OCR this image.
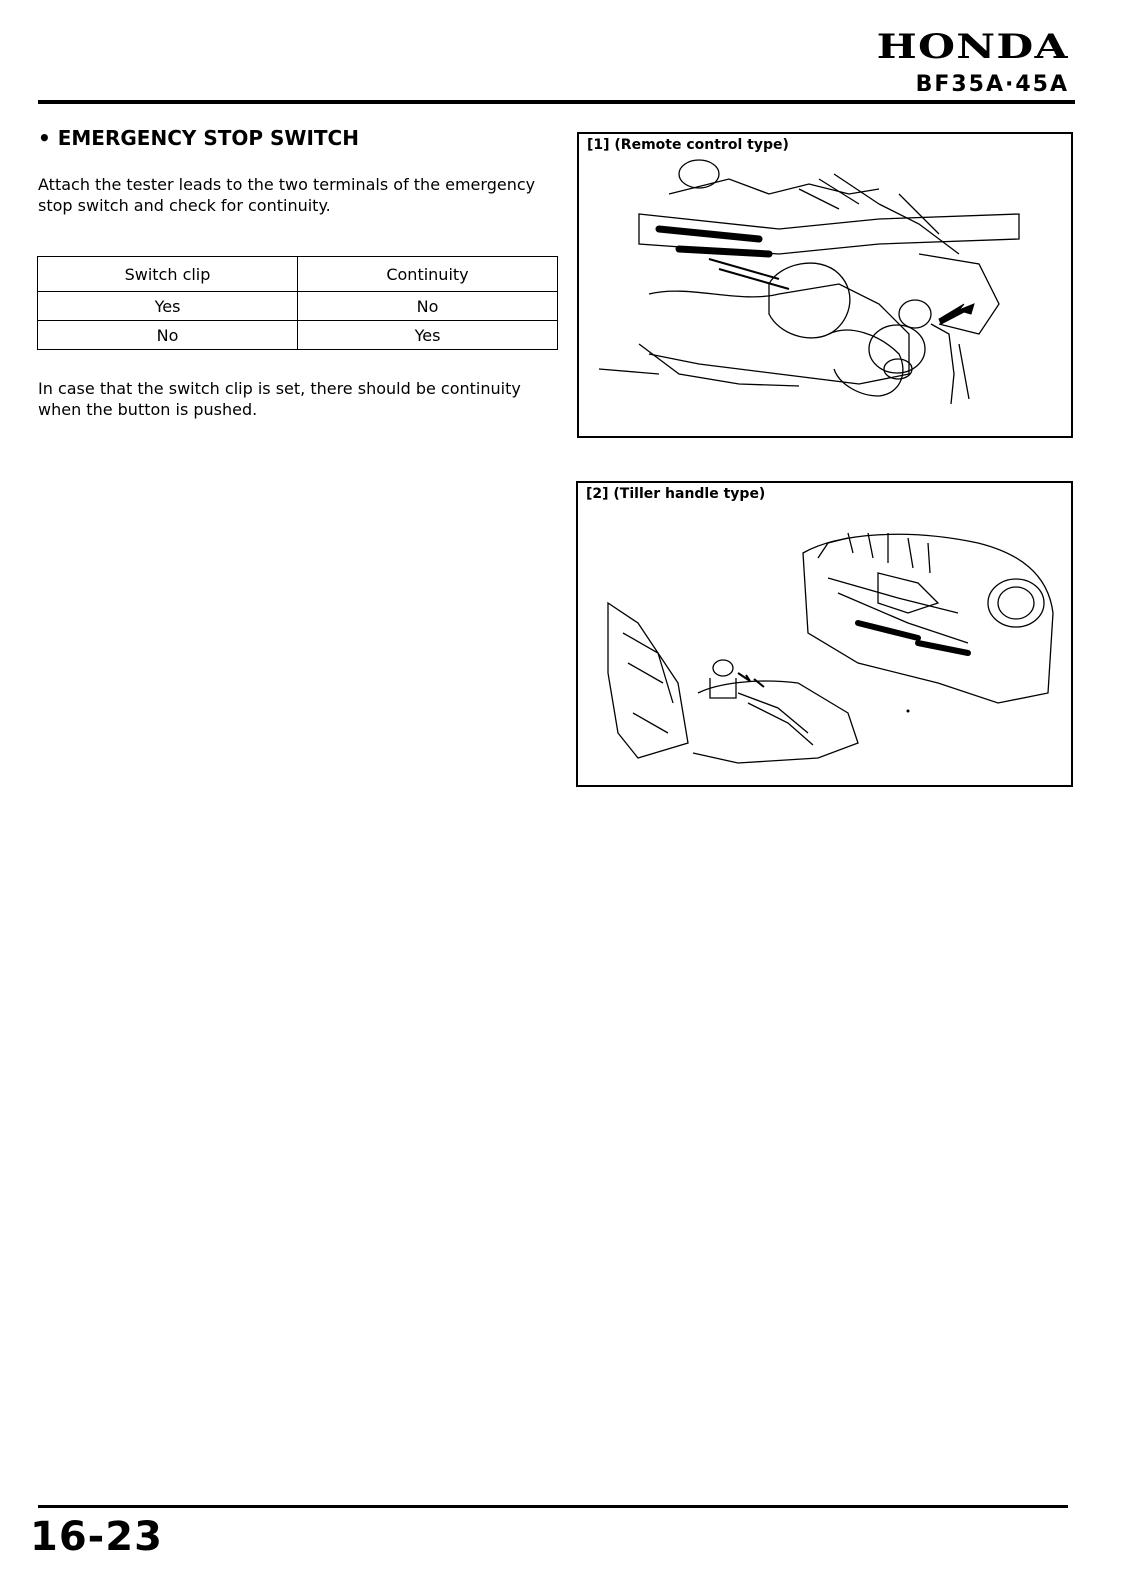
HONDA
BF35A·45A
• EMERGENCY STOP SWITCH
Attach the tester leads to the two terminals of the emergency stop switch and check for continuity.
Switch clip	Continuity
Yes	No
No	Yes
In case that the switch clip is set, there should be continuity when the button is pushed.
[1] (Remote control type)
[2] (Tiller handle type)
16-23
